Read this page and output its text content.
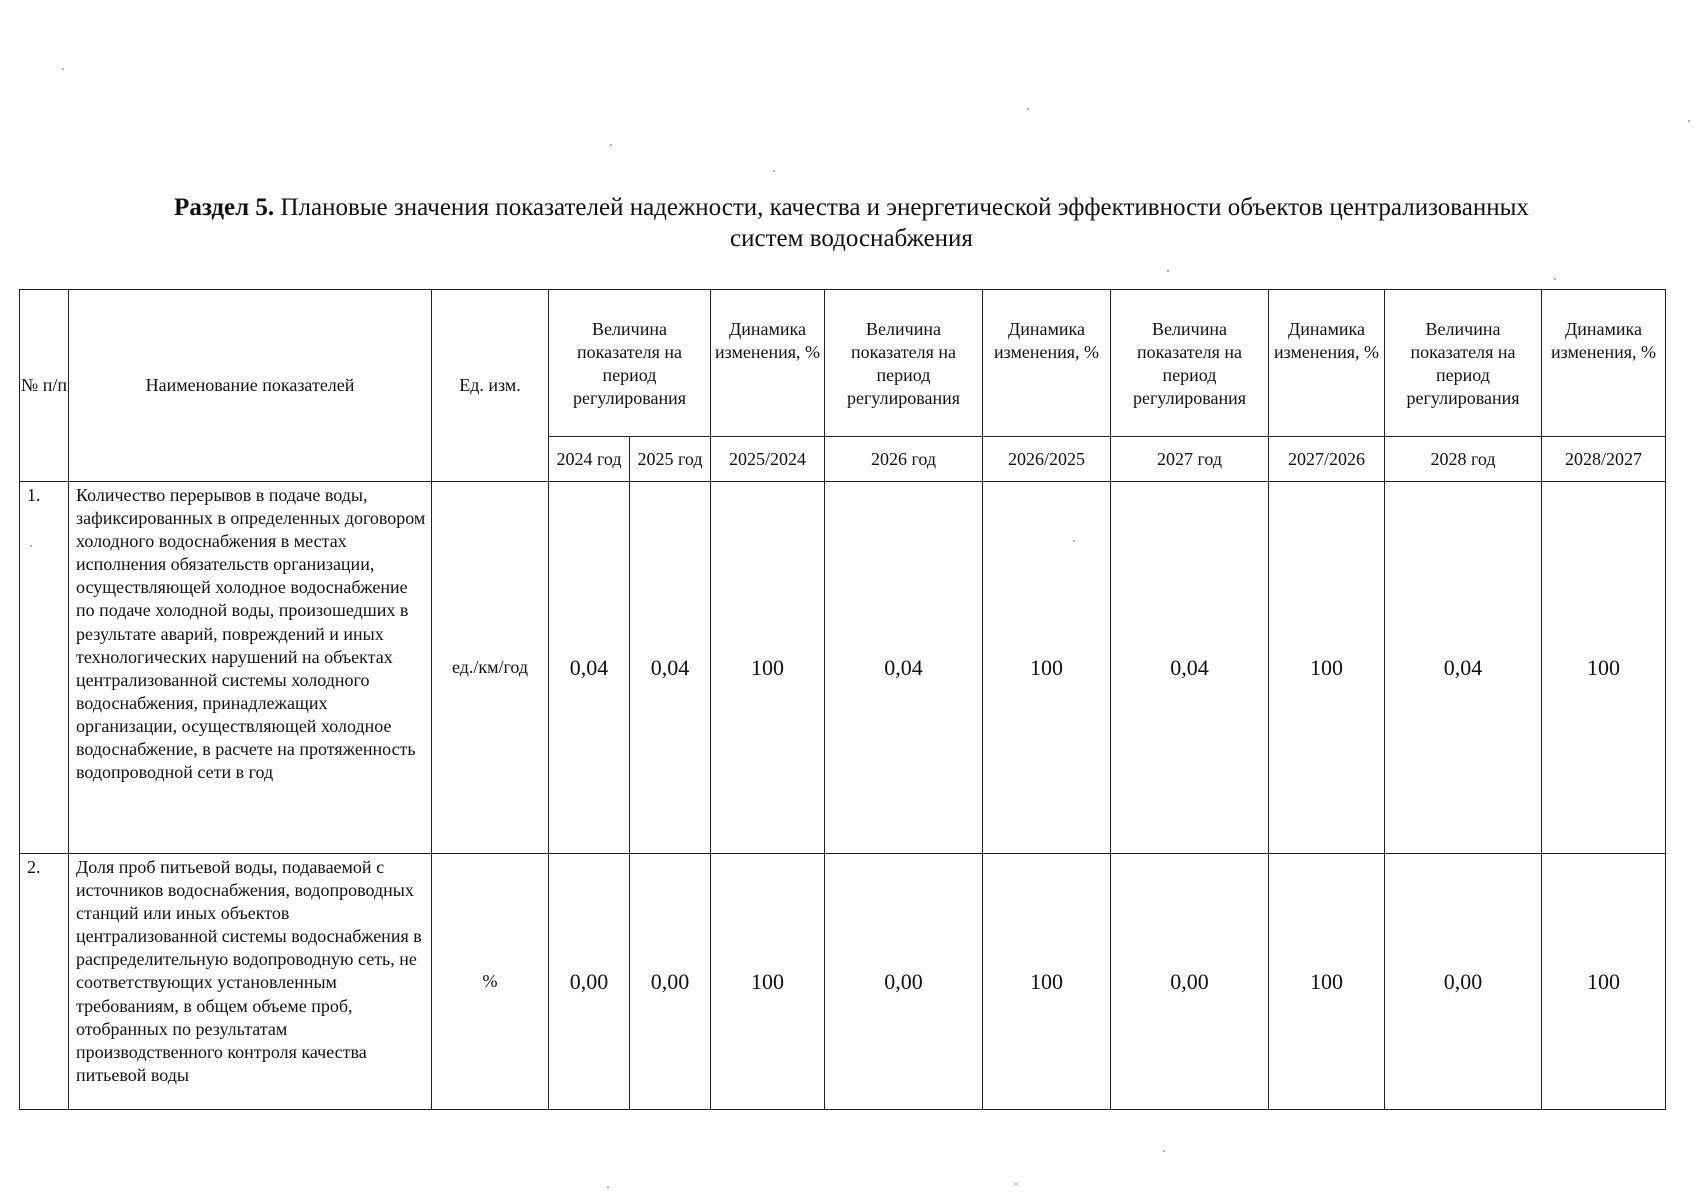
Раздел 5. Плановые значения показателей надежности, качества и энергетической эффективности объектов централизованных
систем водоснабжения
№ п/п	Наименование показателей	Ед. изм.	Величина показателя на период регулирования		Динамика изменения, %	Величина показателя на период регулирования	Динамика изменения, %	Величина показателя на период регулирования	Динамика изменения, %	Величина показателя на период регулирования	Динамика изменения, %
			2024 год	2025 год	2025/2024	2026 год	2026/2025	2027 год	2027/2026	2028 год	2028/2027
1.	Количество перерывов в подаче воды, зафиксированных в определенных договором холодного водоснабжения в местах исполнения обязательств организации, осуществляющей холодное водоснабжение по подаче холодной воды, произошедших в результате аварий, повреждений и иных технологических нарушений на объектах централизованной системы холодного водоснабжения, принадлежащих организации, осуществляющей холодное водоснабжение, в расчете на протяженность водопроводной сети в год	ед./км/год	0,04	0,04	100	0,04	100	0,04	100	0,04	100
2.	Доля проб питьевой воды, подаваемой с источников водоснабжения, водопроводных станций или иных объектов централизованной системы водоснабжения в распределительную водопроводную сеть, не соответствующих установленным требованиям, в общем объеме проб, отобранных по результатам производственного контроля качества питьевой воды	%	0,00	0,00	100	0,00	100	0,00	100	0,00	100
